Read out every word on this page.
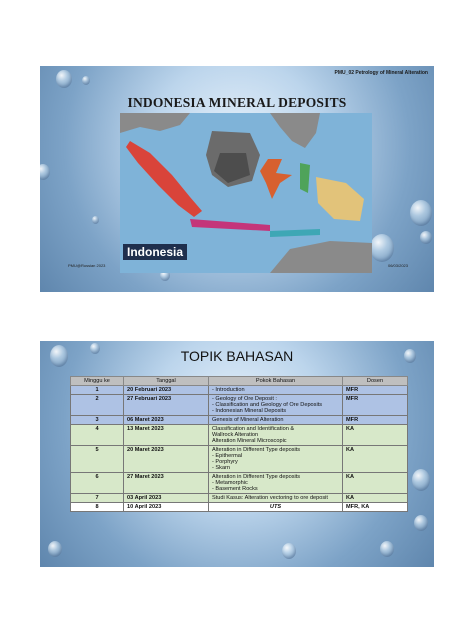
PMU_02 Petrology of Mineral Alteration
INDONESIA MINERAL DEPOSITS
Indonesia
PMU@Russian 2023	06/03/2023
TOPIK BAHASAN
Minggu ke	Tanggal	Pokok Bahasan	Dosen
1	20 Februari 2023	- Introduction	MFR
2	27 Februari 2023	- Geology of Ore Deposit :
- Classification and Geology of Ore Deposits
- Indonesian Mineral Deposits	MFR
3	06 Maret 2023	Genesis of Mineral Alteration	MFR
4	13 Maret 2023	Classification and Identification &
Wallrock Alteration
Alteration Mineral Microscopic	KA
5	20 Maret 2023	Alteration in Different Type deposits
- Epithermal
- Porphyry
- Skarn	KA
6	27 Maret 2023	Alteration in Different Type deposits
- Metamorphic
- Basement Rocks	KA
7	03 April 2023	Studi Kasus: Alteration vectoring to ore deposit	KA
8	10 April 2023	UTS	MFR, KA
